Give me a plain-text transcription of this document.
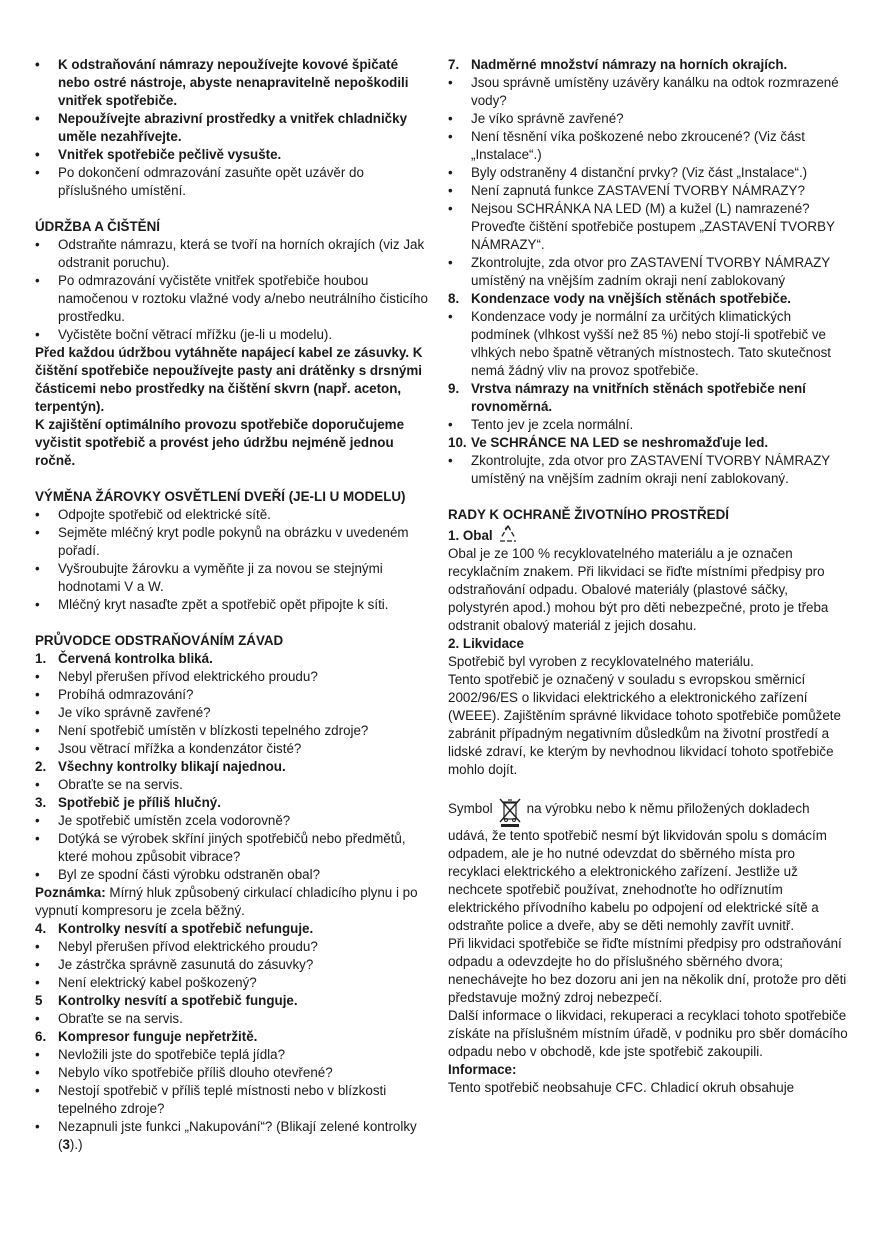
• K odstraňování námrazy nepoužívejte kovové špičaté nebo ostré nástroje, abyste nenapravitelně nepoškodili vnitřek spotřebiče.
• Nepoužívejte abrazivní prostředky a vnitřek chladničky uměle nezahřívejte.
• Vnitřek spotřebiče pečlivě vysušte.
• Po dokončení odmrazování zasuňte opět uzávěr do příslušného umístění.
ÚDRŽBA A ČIŠTĚNÍ
• Odstraňte námrazu, která se tvoří na horních okrajích (viz Jak odstranit poruchu).
• Po odmrazování vyčistěte vnitřek spotřebiče houbou namočenou v roztoku vlažné vody a/nebo neutrálního čisticího prostředku.
• Vyčistěte boční větrací mřížku (je-li u modelu).
Před každou údržbou vytáhněte napájecí kabel ze zásuvky. K čištění spotřebiče nepoužívejte pasty ani drátěnky s drsnými částicemi nebo prostředky na čištění skvrn (např. aceton, terpentýn).
K zajištění optimálního provozu spotřebiče doporučujeme vyčistit spotřebič a provést jeho údržbu nejméně jednou ročně.
VÝMĚNA ŽÁROVKY OSVĚTLENÍ DVEŘÍ (JE-LI U MODELU)
• Odpojte spotřebič od elektrické sítě.
• Sejměte mléčný kryt podle pokynů na obrázku v uvedeném pořadí.
• Vyšroubujte žárovku a vyměňte ji za novou se stejnými hodnotami V a W.
• Mléčný kryt nasaďte zpět a spotřebič opět připojte k síti.
PRŮVODCE ODSTRAŇOVÁNÍM ZÁVAD
1. Červená kontrolka bliká.
• Nebyl přerušen přívod elektrického proudu?
• Probíhá odmrazování?
• Je víko správně zavřené?
• Není spotřebič umístěn v blízkosti tepelného zdroje?
• Jsou větrací mřížka a kondenzátor čisté?
2. Všechny kontrolky blikají najednou.
• Obraťte se na servis.
3. Spotřebič je příliš hlučný.
• Je spotřebič umístěn zcela vodorovně?
• Dotýká se výrobek skříní jiných spotřebičů nebo předmětů, které mohou způsobit vibrace?
• Byl ze spodní části výrobku odstraněn obal?
Poznámka: Mírný hluk způsobený cirkulací chladicího plynu i po vypnutí kompresoru je zcela běžný.
4. Kontrolky nesvítí a spotřebič nefunguje.
• Nebyl přerušen přívod elektrického proudu?
• Je zástrčka správně zasunutá do zásuvky?
• Není elektrický kabel poškozený?
5 Kontrolky nesvítí a spotřebič funguje.
• Obraťte se na servis.
6. Kompresor funguje nepřetržitě.
• Nevložili jste do spotřebiče teplá jídla?
• Nebylo víko spotřebiče příliš dlouho otevřené?
• Nestojí spotřebič v příliš teplé místnosti nebo v blízkosti tepelného zdroje?
• Nezapnuli jste funkci „Nakupování“? (Blikají zelené kontrolky (3).)
7. Nadměrné množství námrazy na horních okrajích.
• Jsou správně umístěny uzávěry kanálku na odtok rozmrazené vody?
• Je víko správně zavřené?
• Není těsnění víka poškozené nebo zkroucené? (Viz část „Instalace“.)
• Byly odstraněny 4 distanční prvky? (Viz část „Instalace“.)
• Není zapnutá funkce ZASTAVENÍ TVORBY NÁMRAZY?
• Nejsou SCHRÁNKA NA LED (M) a kužel (L) namrazené? Proveďte čištění spotřebiče postupem „ZASTAVENÍ TVORBY NÁMRAZY“.
• Zkontrolujte, zda otvor pro ZASTAVENÍ TVORBY NÁMRAZY umístěný na vnějším zadním okraji není zablokovaný
8. Kondenzace vody na vnějších stěnách spotřebiče.
• Kondenzace vody je normální za určitých klimatických podmínek (vlhkost vyšší než 85 %) nebo stojí-li spotřebič ve vlhkých nebo špatně větraných místnostech. Tato skutečnost nemá žádný vliv na provoz spotřebiče.
9. Vrstva námrazy na vnitřních stěnách spotřebiče není rovnoměrná.
• Tento jev je zcela normální.
10. Ve SCHRÁNCE NA LED se neshromažďuje led.
• Zkontrolujte, zda otvor pro ZASTAVENÍ TVORBY NÁMRAZY umístěný na vnějším zadním okraji není zablokovaný.
RADY K OCHRANĚ ŽIVOTNÍHO PROSTŘEDÍ
1. Obal
Obal je ze 100 % recyklovatelného materiálu a je označen recyklačním znakem. Při likvidaci se řiďte místními předpisy pro odstraňování odpadu. Obalové materiály (plastové sáčky, polystyrén apod.) mohou být pro děti nebezpečné, proto je třeba odstranit obalový materiál z jejich dosahu.
2. Likvidace
Spotřebič byl vyroben z recyklovatelného materiálu.
Tento spotřebič je označený v souladu s evropskou směrnicí 2002/96/ES o likvidaci elektrického a elektronického zařízení (WEEE). Zajištěním správné likvidace tohoto spotřebiče pomůžete zabránit případným negativním důsledkům na životní prostředí a lidské zdraví, ke kterým by nevhodnou likvidací tohoto spotřebiče mohlo dojít.
Symbol	na výrobku nebo k němu přiložených dokladech udává, že tento spotřebič nesmí být likvidován spolu s domácím odpadem, ale je ho nutné odevzdat do sběrného místa pro recyklaci elektrického a elektronického zařízení. Jestliže už nechcete spotřebič používat, znehodnoťte ho odříznutím elektrického přívodního kabelu po odpojení od elektrické sítě a odstraňte police a dveře, aby se děti nemohly zavřít uvnitř.
Při likvidaci spotřebiče se řiďte místními předpisy pro odstraňování odpadu a odevzdejte ho do příslušného sběrného dvora; nenechávejte ho bez dozoru ani jen na několik dní, protože pro děti představuje možný zdroj nebezpečí.
Další informace o likvidaci, rekuperaci a recyklaci tohoto spotřebiče získáte na příslušném místním úřadě, v podniku pro sběr domácího odpadu nebo v obchodě, kde jste spotřebič zakoupili.
Informace:
Tento spotřebič neobsahuje CFC. Chladicí okruh obsahuje
